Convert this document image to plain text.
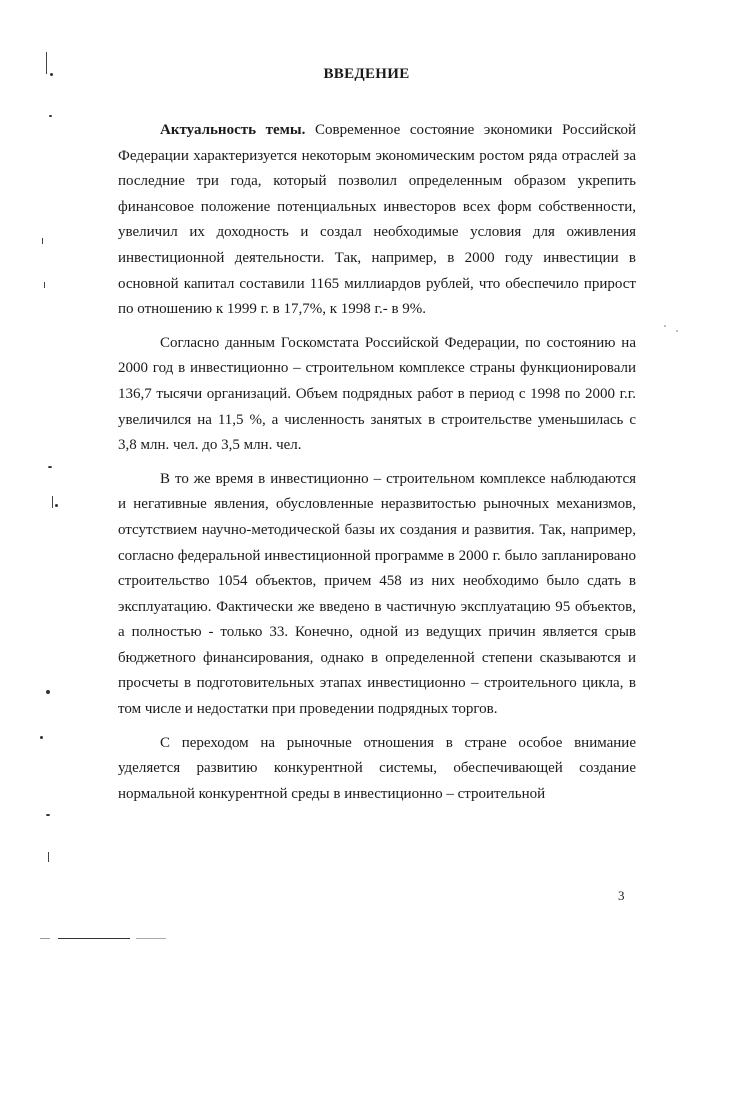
ВВЕДЕНИЕ

Актуальность темы. Современное состояние экономики Российской Федерации характеризуется некоторым экономическим ростом ряда отраслей за последние три года, который позволил определенным образом укрепить финансовое положение потенциальных инвесторов всех форм собственности, увеличил их доходность и создал необходимые условия для оживления инвестиционной деятельности. Так, например, в 2000 году инвестиции в основной капитал составили 1165 миллиардов рублей, что обеспечило прирост по отношению к 1999 г. в 17,7%, к 1998 г.- в 9%.

Согласно данным Госкомстата Российской Федерации, по состоянию на 2000 год в инвестиционно – строительном комплексе страны функционировали 136,7 тысячи организаций. Объем подрядных работ в период с 1998 по 2000 г.г. увеличился на 11,5 %, а численность занятых в строительстве уменьшилась с 3,8 млн. чел. до 3,5 млн. чел.

В то же время в инвестиционно – строительном комплексе наблюдаются и негативные явления, обусловленные неразвитостью рыночных механизмов, отсутствием научно-методической базы их создания и развития. Так, например, согласно федеральной инвестиционной программе в 2000 г. было запланировано строительство 1054 объектов, причем 458 из них необходимо было сдать в эксплуатацию. Фактически же введено в частичную эксплуатацию 95 объектов, а полностью - только 33. Конечно, одной из ведущих причин является срыв бюджетного финансирования, однако в определенной степени сказываются и просчеты в подготовительных этапах инвестиционно – строительного цикла, в том числе и недостатки при проведении подрядных торгов.

С переходом на рыночные отношения в стране особое внимание уделяется развитию конкурентной системы, обеспечивающей создание нормальной конкурентной среды в инвестиционно – строительной

3
